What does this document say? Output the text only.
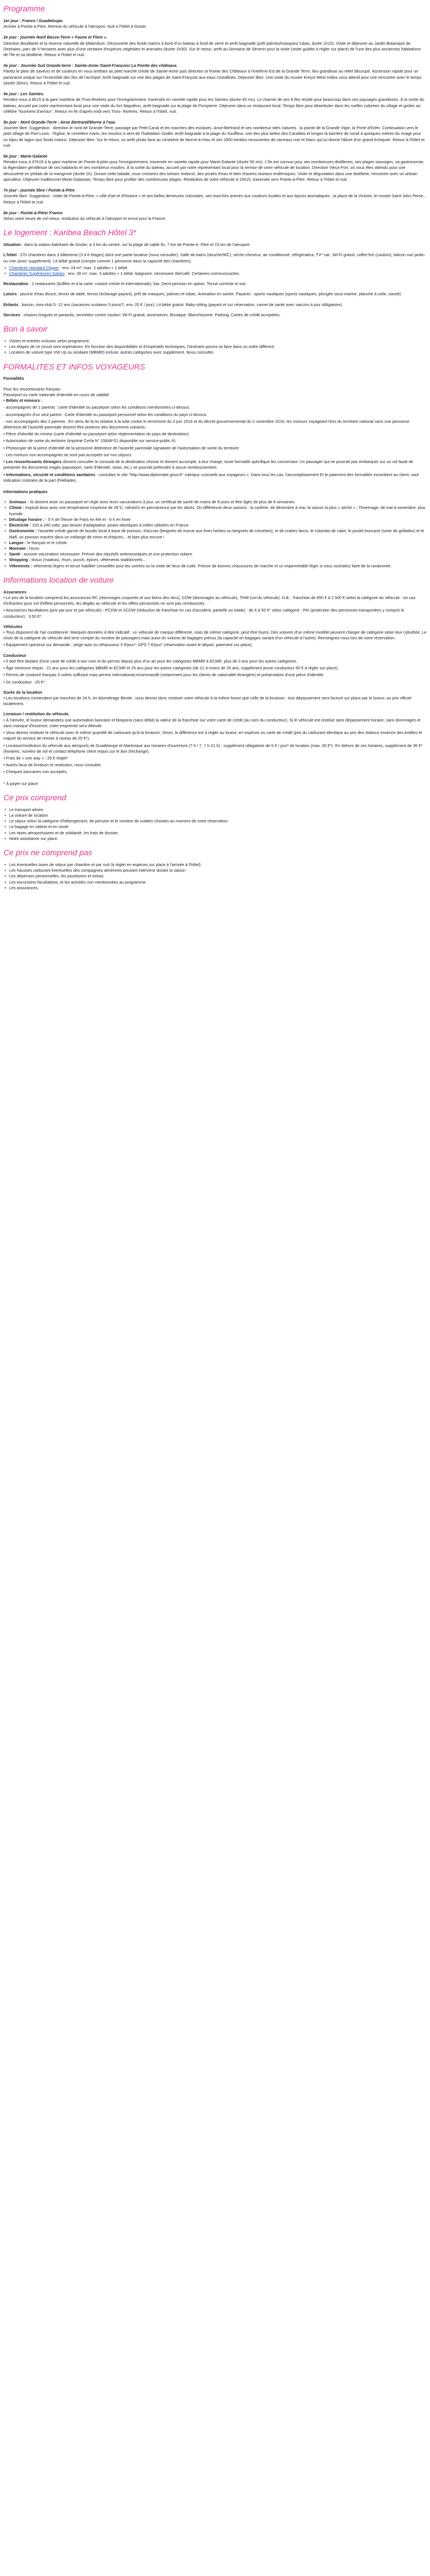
Programme
1er jour : France / Guadeloupe.
Arrivée à Pointe-à-Pitre. Remise du véhicule à l'aéroport. Nuit à l'hôtel à Gosier.
2e jour : journée Nord Basse-Terre « Faune et Flore ».
Direction Bouillante et la réserve naturelle de Malendure. Découverte des fonds marins à bord d'un bateau à fond de verre et arrêt baignade (prêt palmes/masques/ tubas, durée 1h15). Visite et déjeuner au Jardin Botanique de Deshaies, parc de 5 hectares avec plus d'une centaine d'espèces végétales et animales (durée 1h30). Sur le retour, arrêt au Domaine de Séverin pour la visite (visite guidée à régler sur place) de l'une des plus anciennes habitations de l'île et sa distillerie. Retour à l'hôtel et nuit.
3e jour : Journée Sud Grande-terre : Sainte-Anne /Saint-François/ La Pointe des châteaux.
Partez le plein de saveurs et de couleurs en vous arrêtant au petit marché créole de Sainte-Anne puis direction la Pointe des Châteaux à l'extrême Est de la Grande Terre, lieu grandiose au relief découpé. Ascension rapide pour un panorama unique sur l'ensemble des îles de l'archipel. Arrêt baignade sur une des plages de Saint-François aux eaux cristallines. Déjeuner libre. Une visite du musée Kreyol West Indies vous attend pour une rencontre avec le temps (durée 30mn). Retour à l'hôtel et nuit.
4e jour : Les Saintes.
Rendez-vous à 8h15 à la gare maritime de Trois-Rivières pour l'enregistrement, traversée en navette rapide pour les Saintes (durée 45 mn). Le charme de ses 9 îles réside pour beaucoup dans ses paysages grandioses. À la sortie du bateau, accueil par notre représentant local pour une visite du fort Napoléon, arrêt baignade sur la plage de Pompierre. Déjeuner dans un restaurant local. Temps libre pour déambuler dans les ruelles colorées du village et goûter au célèbre "tourment d'amour". Retour en fin d'après-midi vers Trois- Rivières. Retour à l'hôtel, nuit.
5e jour : Nord Grande-Terre : Anse Bertrand/Morne à l'eau
Journée libre. Suggestion : direction le nord de Grande-Terre, passage par Petit-Canal et les marches des esclaves, Anse-Bertrand et ses nombreux sites naturels : la pointe de la Grande Vigie, la Porte d'Enfer. Continuation vers le petit village de Port-Louis : l'église, le cimetière marin, les moulins à vent de l'habitation Godet. Arrêt baignade à la plage du Souffleur, une des plus belles des Caraïbes et longez la barrière de corail à quelques mètres du rivage pour un bijou de lagon aux fonds marins. Déjeuner libre. Sur le retour, un arrêt photo face au cimetière de Morne-à-l'eau et ses 1800 tombes recouvertes de carreaux noir et blanc qui lui donne l'allure d'un grand échiquier. Retour à l'hôtel et nuit.
6e jour : Marie-Galante
Rendez-vous à 07h15 à la gare maritime de Pointe-à-pitre pour l'enregistrement, traversée en navette rapide pour Marie-Galante (durée 50 mn). L'île est connue pour ses nombreuses distilleries, ses plages sauvages, sa gastronomie, la légendaire gentillesse de ses habitants et ses nombreux moulins. À la sortie du bateau, accueil par notre représentant local pour la remise de votre véhicule de location. Direction Vieux-Fort, où vous êtes attendu pour une découverte en pédalo de la mangrove (durée 1h). Durant cette balade, vous croiserez des tortues molocoï, des poules d'eau et bien d'autres oiseaux endémiques. Visite et dégustation dans une distillerie, rencontre avec un artisan apiculteur. Déjeuner traditionnel Marie-Galantais. Temps libre pour profiter des nombreuses plages. Restitution de votre véhicule à 15h15, traversée vers Pointe-à-Pitre. Retour à l'hôtel et nuit.
7e jour : journée libre / Pointe-à-Pitre
Journée libre. Suggestion : visite de Pointe-à-Pitre, « ville d'art et d'histoire » et ses belles demeures coloniales, ses marchés animés aux couleurs locales et aux épices aromatiques : la place de la Victoire, le musée Saint-John Perse... Retour à l'hôtel et nuit.
8e jour : Pointe-à-Pitre/ France
Selon votre heure de vol retour, restitution du véhicule à l'aéroport et envol pour la France.
Le logement : Karibea Beach Hôtel 3*
Situation : dans la station balnéaire de Gosier, à 3 km du centre, sur la plage de sable fin, 7 km de Pointe-à- Pitre et 15 km de l'aéroport.
L'hôtel : 270 chambres dans 3 bâtiments (3 à 6 étages) dont une partie locative (nous consulter). Salle de bains (douche/WC), sèche-cheveux, air conditionné, réfrigérateur, TV* sat., Wi-Fi gratuit, coffre-fort (caution), balcon vue jardin ou mer (avec supplément). Lit bébé gratuit (compte comme 1 personne dans la capacité des chambres).
• Chambres standard Clipper : env. 24 m², max. 2 adultes + 1 bébé.
• Chambres Supérieures Saloko : env. 28 m², max. 3 adultes + 1 bébé, baignoire, nécessaire thé/café. Certaines communicantes.
Restauration : 2 restaurants (buffets et à la carte, cuisine créole et internationale), bar. Demi-pension en option. Tenue correcte le soir.
Loisirs : piscine d'eau douce, tennis de table, tennis (éclairage payant), prêt de masques, palmes et tubas. Animation en soirée. Payants : sports nautiques (sports nautiques, plongée sous-marine, planche à voile, canoë).
Enfants : bassin, mini-club 5- 12 ans (vacances scolaires 5 jours/7, env. 20 € / jour). Lit bébé gratuit. Baby-sitting (payant et sur réservation, carnet de santé avec vaccins à jour obligatoire).
Services : chaises longues et parasols, serviettes contre caution. Wi-Fi gratuit, ascenseurs. Boutique. Blanchisserie. Parking. Cartes de crédit acceptées.
Bon à savoir
• Visites et entrées incluses selon programme.
• Les étapes de ce circuit sont impératives. En fonction des disponibilités et d'impératifs techniques, l'itinéraire pourra se faire dans un ordre différent.
• Location de voiture type VW Up ou similaire (MBMR) incluse. Autres catégories avec supplément. Nous consulter.
FORMALITES ET INFOS VOYAGEURS
Formalités
Pour les ressortissants français :
Passeport ou carte nationale d'identité en cours de validité.

• Bébés et mineurs :

- accompagnés de 2 parents : carte d'identité ou passeport selon les conditions mentionnées ci-dessus.

- accompagnés d'un seul parent : Carte d'identité ou passeport personnel selon les conditions du pays ci-dessus.

- non accompagnés des 2 parents : En vertu de la loi relative à la lutte contre le terrorisme du 3 juin 2016 et du décret gouvernemental du 2 novembre 2016, les mineurs voyageant hors du territoire national sans une personne détentrice de l'autorité parentale doivent être porteurs des documents suivants :

• Pièce d'identité du mineur (carte d'identité ou passeport selon réglementation du pays de destination)

• Autorisation de sortie du territoire (imprimé Cerfa N° 15646*01 disponible sur service-public.fr)

• Photocopie de la pièce d'identité de la personne détentrice de l'autorité parentale signataire de l'autorisation de sortie du territoire

- Les mineurs non-accompagnés ne sont pas acceptés sur nos séjours.

• Les ressortissants étrangers doivent consulter le consulat de la destination choisie et doivent accomplir, à leur charge, toute formalité spécifique les concernant. Un passager qui ne pourrait pas embarquer sur un vol faute de présenter les documents exigés (passeport, carte d'identité, visas, etc.) ne pourrait prétendre à aucun remboursement.

• Informations, sécurité et conditions sanitaires : consultez le site "http://www.diplomatie.gouv.fr" rubrique «conseils aux voyageurs ». Dans tous les cas, l'accomplissement Et le paiement des formalités incombent au client, sauf indication contraire de la part d'Héliades.

Informations pratiques
• Animaux : ils doivent avoir un passeport en règle avec leurs vaccinations à jour, un certificat de santé de moins de 8 jours et être âgés de plus de 8 semaines.
• Climat : tropical doux avec une température moyenne de 26°C, rafraîchi en permanence par les alizés. On différencie deux saisons : la carême, de décembre à mai, la saison la plus « sèche » ; l'hivernage, de mai à novembre, plus humide.
• Décalage horaire : - 5 h de l'heure de Paris en été et - 6 h en hiver.
• Électricité : 220 à 240 volts, pas besoin d'adaptateur, prises identiques à celles utilisées en France.
• Gastronomie : l'assiette créole garnie de boudin local à base de poisson, d'accras (beignets de morue aux fines herbes ou beignets de crevettes), et de crabes farcis, le colombo de cabri, le poulet boucané (sorte de grillades) et le blaff, un poisson macéré dans un mélange de citron et d'épices... et bien plus encore !
• Langue : le français et le créole.
• Monnaie : l'euro.
• Santé : aucune vaccination nécessaire. Prévoir des répulsifs antimoustiques et une protection solaire.
• Shopping : tissus (madras), rhum, punch, épices, vêtements traditionnels...
• Vêtements : vêtements légers et tenue habillée conseillée pour les soirées ou la visite de lieux de culte. Prévoir de bonnes chaussures de marche et un imperméable léger si vous souhaitez faire de la randonnée.
Informations location de voiture
Assurances

• Le prix de la location comprend les assurances RC (dommages corporels et aux biens des tiers), CDW (dommages au véhicule), THW (vol du véhicule). N.B. : franchise de 650 € à 2 500 € selon la catégorie du véhicule - en cas d'infraction pour vol d'effets personnels, les dégâts au véhicule et les effets personnels ne sont pas remboursés.

• Assurances facultatives (prix par jour et par véhicule) : PCDW et SCDW (réduction de franchise en cas d'accident, partielle ou totale) : de 6 à 50 €* selon catégorie ; PAI (protection des personnes transportées y compris le conducteur) : 3.50 €*.

Véhicules

• Tous disposent de l'air conditionné. Marques données à titre indicatif : un véhicule de marque différente, mais de même catégorie, peut être fourni. Des voitures d'un même modèle peuvent charger de catégorie selon leur cylindrée. Le choix de la catégorie du véhicule doit tenir compte du nombre de passagers mais aussi du volume de bagages prévus (la capacité en bagages variant d'un véhicule à l'autre). Renseignez-vous lors de votre réservation.

• Équipement spécieux sur demande : siège auto ou réhausseur 5 €/jour*; GPS 7 €/jour* (réservation avant le départ, paiement sur place).

Conducteur

• Il doit être titulaire d'une carte de crédit à son nom et du permis depuis plus d'un an pour les catégories MBMR à ECMR, plus de 3 ans pour les autres catégories.

• Âge minimum requis : 21 ans pour les catégories MBMR et ECMR et 25 ans pour les autres catégories (de 21 à moins de 25 ans, supplément jeune conducteur 50 € à régler sur place).

• Permis de conduire français 3 volets suffisant mais permis international recommandé (notamment pour les clients de nationalité étrangère) et présentation d'une pièce d'identité.

• 2e conducteur : 25 €*.

Durée de la location

• Les locations s'entendent par tranches de 24 h, en kilométrage illimité ; vous devrez donc restituer votre véhicule à la même heure que celle de la livraison ; tout dépassement sera facturé sur place par le loueur, au prix officiel localement.

Livraison / restitution du véhicule.

• À l'arrivée, le loueur demandera une autorisation bancaire et bloquera (sans débit) la valeur de la franchise sur votre carte de crédit (au nom du conducteur). Si le véhicule est restitué sans dépassement horaire, sans dommages et sans manque d'essence, votre empreinte sera détruite.

• Vous devrez restituer le véhicule avec le même quantité de carburant qu'à la livraison. Sinon, la différence est à régler au loueur, en espèces ou carte de crédit (prix du carburant identique au prix des stations essence des Antilles et majoré du service de remise à niveau de 20 €*).

• Livraison/restitution du véhicule aux aéroports de Guadeloupe et Martinique aux horaires d'ouverture (7 h / 7, 7 h-21 h) ; supplément obligatoire de 6 € / jour* de location (max. 30 €*). En dehors de ces horaires, supplément de 35 €* (horaires, numéro de vol et contact téléphone client requis sur le bon d'échange).

• Frais de « one way » : 25 € /trajet*

• Autres lieux de livraison et restitution, nous consulter.

• Cheques bancaires non acceptés.

* À payer sur place.
Ce prix comprend
• Le transport aérien
• La voiture de location
• Le séjour selon la catégorie d'hébergement, de pension et le nombre de nuitées choisies au moment de votre réservation
• Le bagage en cabine et en soute
• Les taxes aéroportuaires et de solidarité, les frais de dossier.
• Notre assistance sur place.
Ce prix ne comprend pas
• Les éventuelles taxes de séjour par chambre et par nuit (à régler en espèces sur place à l'arrivée à l'hôtel).
• Les hausses carburant éventuelles des compagnies aériennes pouvant intervenir durant la saison
• Les dépenses personnelles, les pourboires et extras.
• Les excursions facultatives, et les activités non mentionnées au programme
• Les assurances.
